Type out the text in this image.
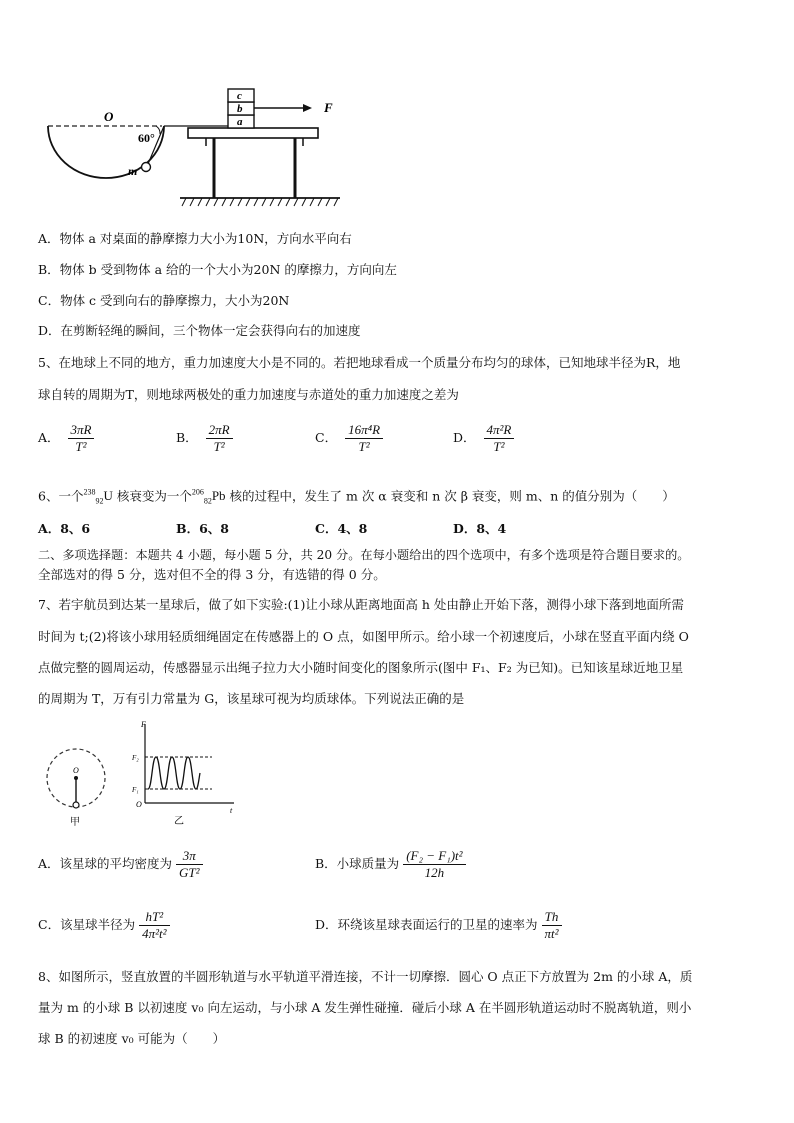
O
60°
m
c
b
a
F
A．物体 a 对桌面的静摩擦力大小为10N，方向水平向右
B．物体 b 受到物体 a 给的一个大小为20N 的摩擦力，方向向左
C．物体 c 受到向右的静摩擦力，大小为20N
D．在剪断轻绳的瞬间，三个物体一定会获得向右的加速度
5、在地球上不同的地方，重力加速度大小是不同的。若把地球看成一个质量分布均匀的球体，已知地球半径为R，地
球自转的周期为T，则地球两极处的重力加速度与赤道处的重力加速度之差为
A． $\frac{3\pi R}{\text{T²}}$	B． $\frac{2\pi R}{\text{T²}}$	C． $\frac{\text{16π⁴R}}{\text{T²}}$	D． $\frac{\text{4π²R}}{\text{T²}}$
6、一个$^{238}_{92}$U 核衰变为一个$^{206}_{82}$Pb 核的过程中，发生了 m 次 α 衰变和 n 次 β 衰变，则 m、n 的值分别为（　　）
A．8、6	B．6、8	C．4、8	D．8、4
二、多项选择题：本题共 4 小题，每小题 5 分，共 20 分。在每小题给出的四个选项中，有多个选项是符合题目要求的。
全部选对的得 5 分，选对但不全的得 3 分，有选错的得 0 分。
7、若宇航员到达某一星球后，做了如下实验:(1)让小球从距离地面高 h 处由静止开始下落，测得小球下落到地面所需
时间为 t;(2)将该小球用轻质细绳固定在传感器上的 O 点，如图甲所示。给小球一个初速度后，小球在竖直平面内绕 O
点做完整的圆周运动，传感器显示出绳子拉力大小随时间变化的图象所示(图中 F₁、F₂ 为已知)。已知该星球近地卫星
的周期为 T，万有引力常量为 G，该星球可视为均质球体。下列说法正确的是
O
甲
F
F₂
F₁
O
t
乙
A．该星球的平均密度为 $\frac{3\pi}{\text{GT²}}$	B．小球质量为 $\frac{\text{(F₂ − F₁)t²}}{12h}$
C．该星球半径为 $\frac{\text{hT²}}{\text{4π²t²}}$	D．环绕该星球表面运行的卫星的速率为 $\frac{Th}{\text{πt²}}$
8、如图所示，竖直放置的半圆形轨道与水平轨道平滑连接，不计一切摩擦．圆心 O 点正下方放置为 2m 的小球 A，质
量为 m 的小球 B 以初速度 v₀ 向左运动，与小球 A 发生弹性碰撞．碰后小球 A 在半圆形轨道运动时不脱离轨道，则小
球 B 的初速度 v₀ 可能为（　　）
